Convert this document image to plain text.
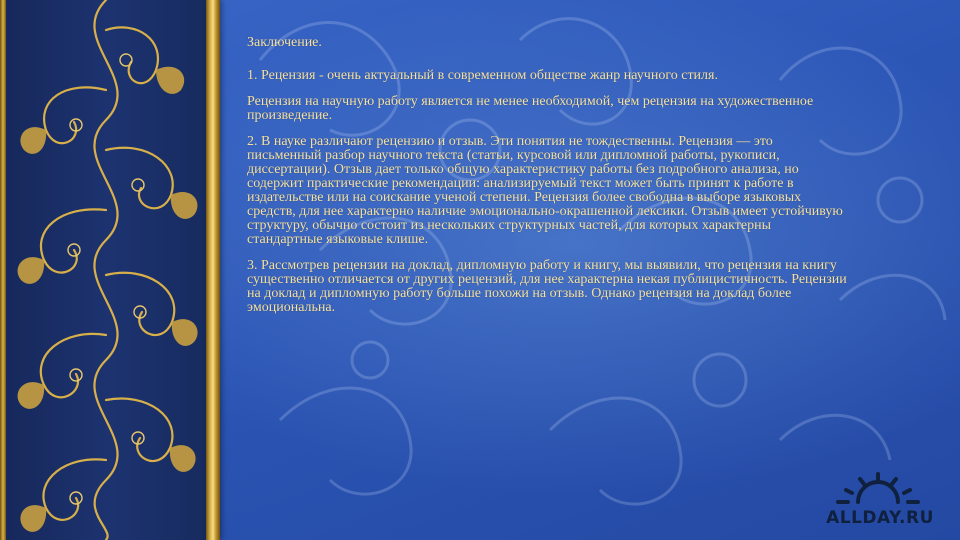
Заключение.

1. Рецензия - очень актуальный в современном обществе жанр научного стиля.

Рецензия на научную работу является не менее необходимой, чем рецензия на художественное произведение.

2. В науке различают рецензию и отзыв. Эти понятия не тождественны. Рецензия — это письменный разбор научного текста (статьи, курсовой или дипломной работы, рукописи, диссертации). Отзыв дает только общую характеристику работы без подробного анализа, но содержит практические рекомендации: анализируемый текст может быть принят к работе в издательстве или на соискание ученой степени. Рецензия более свободна в выборе языковых средств, для нее характерно наличие эмоционально-окрашенной лексики. Отзыв имеет устойчивую структуру, обычно состоит из нескольких структурных частей, для которых характерны стандартные языковые клише.

3. Рассмотрев рецензии на доклад, дипломную работу и книгу, мы выявили, что рецензия на книгу существенно отличается от других рецензий, для нее характерна некая публицистичность. Рецензии на доклад и дипломную работу больше похожи на отзыв. Однако рецензия на доклад более эмоциональна.

ALLDAY.RU
